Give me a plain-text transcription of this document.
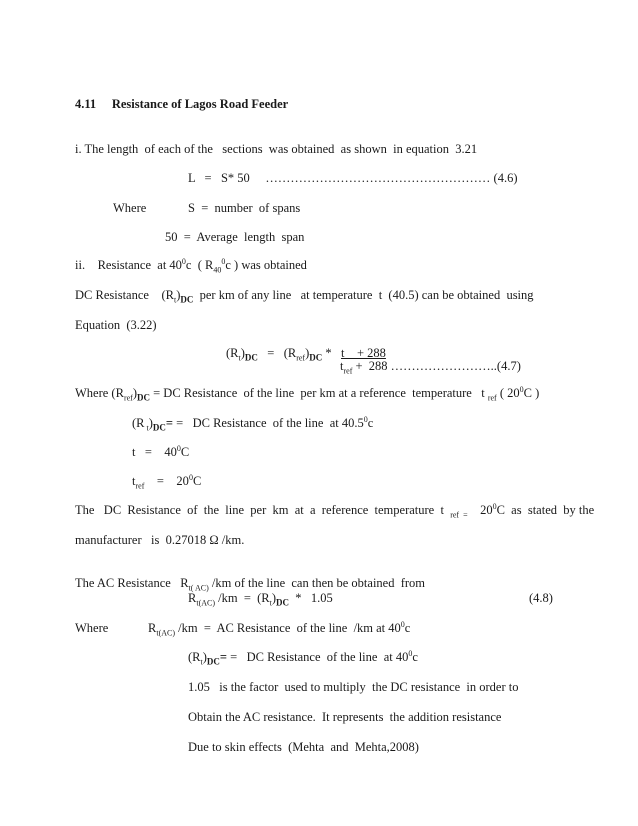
4.11 Resistance of Lagos Road Feeder
i. The length  of each of the   sections  was obtained  as shown  in equation  3.21
L   =   S* 50     ……………………………………………… (4.6)
Where	S  =  number  of spans
50  =  Average  length  span
ii.    Resistance  at $40^0c$  ( $R_{40}^0c$ ) was obtained
DC Resistance    $(R_t)_{DC}$  per km of any line   at temperature  t  (40.5) can be obtained  using
Equation  (3.22)
$(R_t)_{DC} = (R_{ref})_{DC} * t$    + 288
$t_{ref} + 288$ ……………………..(4.7)
Where $(R_{ref})_{DC}$ = DC Resistance  of the line  per km at a reference  temperature   t $_{ref}$ ( $20^0C$ )
(R $_t)_{DC}=$ =   DC Resistance  of the line  at 40.5$^0$c
t   =    $40^0C$
$t_{ref}$    =    $20^0C$
The   DC  Resistance  of  the  line  per  km  at  a  reference  temperature  t  $_{ref =}$    $20^0C$  as  stated  by the
manufacturer   is  0.27018 Ω /km.
The AC Resistance   $R_{t( AC)}$ /km of the line  can then be obtained  from
$R_{t(AC)}$ $/km = (R_t)_{DC} * 1.05$	(4.8)
Where	$R_{t(AC)}$ /km  =  AC Resistance  of the line  /km at $40^0c$
$(R_t)_{DC}=$ =   DC Resistance  of the line  at $40^0c$
1.05   is the factor  used to multiply  the DC resistance  in order to
Obtain the AC resistance.  It represents  the addition resistance
Due to skin effects  (Mehta  and  Mehta,2008)
